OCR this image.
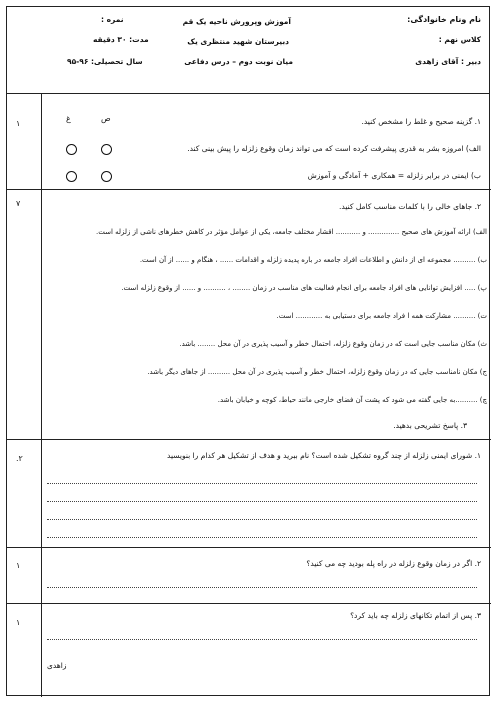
نام ونام خانوادگی:
کلاس نهم :
دبیر : آقای زاهدی
آموزش وپرورش ناحیه یک قم
دبیرستان شهید منتظری یک
میان نوبت دوم – درس دفاعی
نمره :
مدت: ۳۰ دقیقه
سال تحصیلی: ۹۶-۹۵
۱
۷
۲.
۱
۱
۱. گزینه صحیح و غلط را مشخص کنید.
ص
غ
الف) امروزه بشر به قدری پیشرفت کرده است که می تواند زمان وقوع زلزله را پیش بینی کند.
ب) ایمنی در برابر زلزله = همکاری + آمادگی و آموزش
۲. جاهای خالی را با کلمات مناسب کامل کنید.
الف) ارائه آموزش های صحیح .............. و ........... اقشار مختلف جامعه، یکی از عوامل مؤثر در کاهش خطرهای ناشی از زلزله است.
ب) .......... مجموعه ای از دانش و اطلاعات افراد جامعه در باره پدیده زلزله و اقدامات ...... ، هنگام و ...... از آن است.
پ) ..... افزایش توانایی های افراد جامعه برای انجام فعالیت های مناسب در زمان ........ ، .......... و ...... از وقوع زلزله است.
ت) .......... مشارکت همه ا فراد جامعه برای دستیابی به ............ است.
ث) مکان مناسب جایی است که در زمان وقوع زلزله، احتمال خطر و آسیب پذیری در آن محل ........ باشد.
ج) مکان نامناسب جایی که در زمان وقوع زلزله، احتمال خطر و آسیب پذیری در آن محل .......... از جاهای دیگر باشد.
چ) ..........به جایی گفته می شود که پشت آن فضای خارجی مانند حیاط، کوچه و خیابان باشد.
۳. پاسخ تشریحی بدهید.
۱. شورای ایمنی زلزله از چند گروه تشکیل شده است؟ نام ببرید و هدف از تشکیل هر کدام را بنویسید
۲. اگر در زمان وقوع زلزله در راه پله بودید چه می کنید؟
۳. پس از اتمام تکانهای زلزله چه باید کرد؟
زاهدی
